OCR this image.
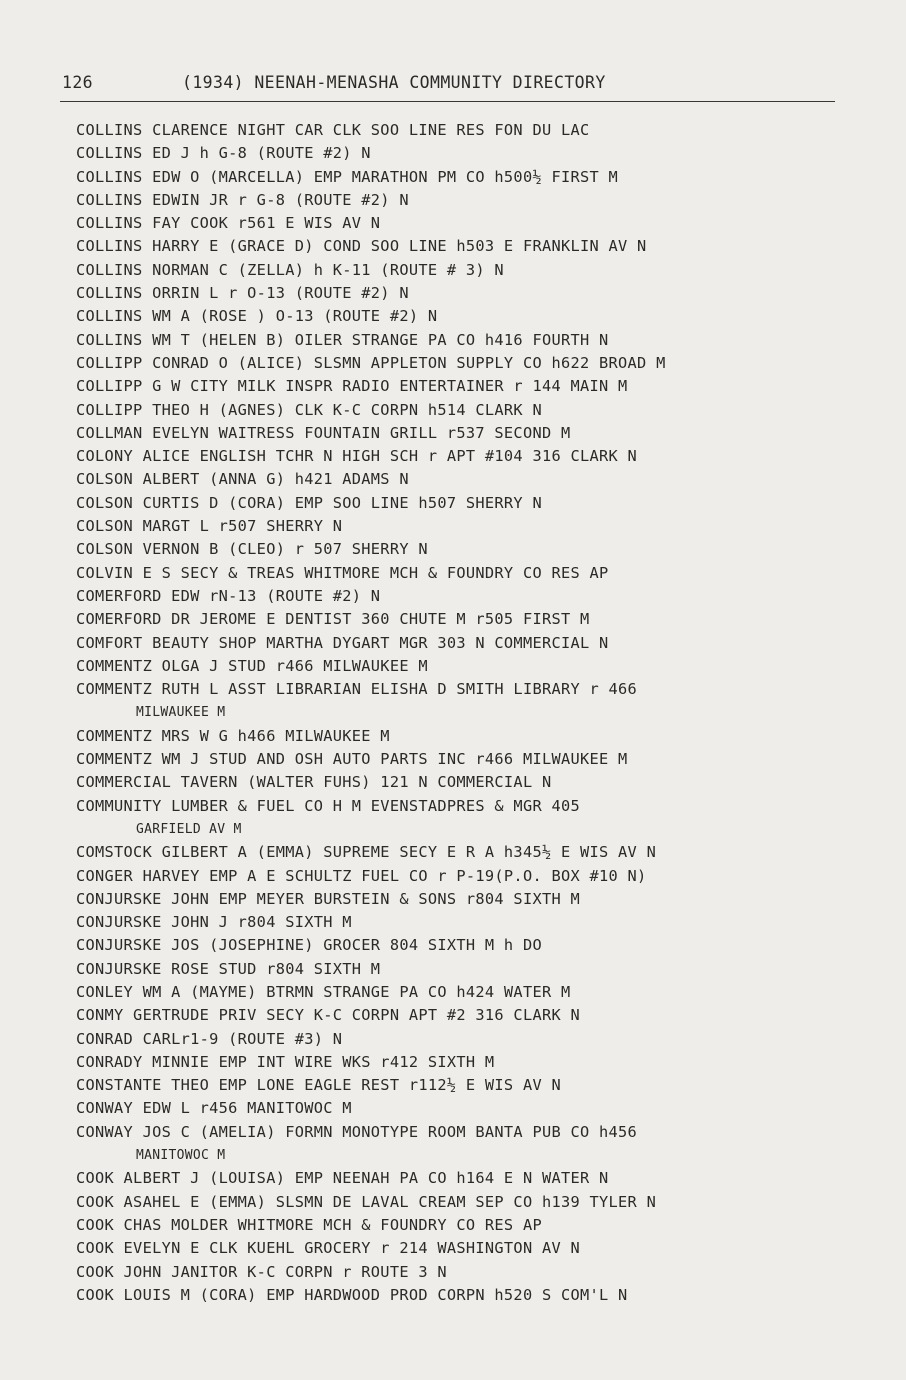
126	(1934) NEENAH-MENASHA COMMUNITY DIRECTORY
COLLINS CLARENCE NIGHT CAR CLK SOO LINE RES FON DU LAC
COLLINS ED J h G-8 (ROUTE #2) N
COLLINS EDW O (MARCELLA) EMP MARATHON PM CO h500½ FIRST M
COLLINS EDWIN JR r G-8 (ROUTE #2) N
COLLINS FAY COOK r561 E WIS AV N
COLLINS HARRY E (GRACE D) COND SOO LINE h503 E FRANKLIN AV N
COLLINS NORMAN C (ZELLA) h K-11 (ROUTE # 3) N
COLLINS ORRIN L r O-13 (ROUTE #2) N
COLLINS WM A (ROSE ) O-13 (ROUTE #2) N
COLLINS WM T (HELEN B) OILER STRANGE PA CO h416 FOURTH N
COLLIPP CONRAD O (ALICE) SLSMN APPLETON SUPPLY CO h622 BROAD M
COLLIPP G W CITY MILK INSPR RADIO ENTERTAINER r 144 MAIN M
COLLIPP THEO H (AGNES) CLK K-C CORPN h514 CLARK N
COLLMAN EVELYN WAITRESS FOUNTAIN GRILL r537 SECOND M
COLONY ALICE ENGLISH TCHR N HIGH SCH r APT #104 316 CLARK N
COLSON ALBERT (ANNA G) h421 ADAMS N
COLSON CURTIS D (CORA) EMP SOO LINE h507 SHERRY N
COLSON MARGT L r507 SHERRY N
COLSON VERNON B (CLEO) r 507 SHERRY N
COLVIN E S SECY & TREAS WHITMORE MCH & FOUNDRY CO RES AP
COMERFORD EDW rN-13 (ROUTE #2) N
COMERFORD DR JEROME E DENTIST 360 CHUTE M r505 FIRST M
COMFORT BEAUTY SHOP MARTHA DYGART MGR 303 N COMMERCIAL N
COMMENTZ OLGA J STUD r466 MILWAUKEE M
COMMENTZ RUTH L ASST LIBRARIAN ELISHA D SMITH LIBRARY r 466
MILWAUKEE M
COMMENTZ MRS W G h466 MILWAUKEE M
COMMENTZ WM J STUD AND OSH AUTO PARTS INC r466 MILWAUKEE M
COMMERCIAL TAVERN (WALTER FUHS) 121 N COMMERCIAL N
COMMUNITY LUMBER & FUEL CO H M EVENSTADPRES & MGR 405
GARFIELD AV M
COMSTOCK GILBERT A (EMMA) SUPREME SECY E R A h345½ E WIS AV N
CONGER HARVEY EMP A E SCHULTZ FUEL CO r P-19(P.O. BOX #10 N)
CONJURSKE JOHN EMP MEYER BURSTEIN & SONS r804 SIXTH M
CONJURSKE JOHN J r804 SIXTH M
CONJURSKE JOS (JOSEPHINE) GROCER 804 SIXTH M h DO
CONJURSKE ROSE STUD r804 SIXTH M
CONLEY WM A (MAYME) BTRMN STRANGE PA CO h424 WATER M
CONMY GERTRUDE PRIV SECY K-C CORPN APT #2 316 CLARK N
CONRAD CARLr1-9 (ROUTE #3) N
CONRADY MINNIE EMP INT WIRE WKS r412 SIXTH M
CONSTANTE THEO EMP LONE EAGLE REST r112½ E WIS AV N
CONWAY EDW L r456 MANITOWOC M
CONWAY JOS C (AMELIA) FORMN MONOTYPE ROOM BANTA PUB CO h456
MANITOWOC M
COOK ALBERT J (LOUISA) EMP NEENAH PA CO h164 E N WATER N
COOK ASAHEL E (EMMA) SLSMN DE LAVAL CREAM SEP CO h139 TYLER N
COOK CHAS MOLDER WHITMORE MCH & FOUNDRY CO RES AP
COOK EVELYN E CLK KUEHL GROCERY r 214 WASHINGTON AV N
COOK JOHN JANITOR K-C CORPN r ROUTE 3 N
COOK LOUIS M (CORA) EMP HARDWOOD PROD CORPN h520 S COM'L N
